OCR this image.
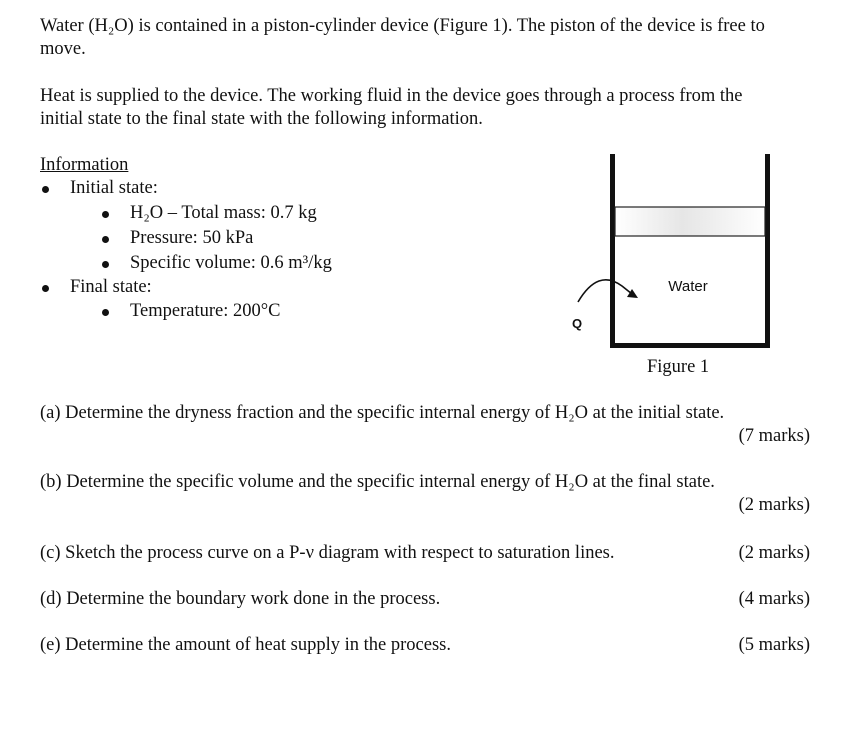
Water (H₂O) is contained in a piston-cylinder device (Figure 1). The piston of the device is free to
move.
Heat is supplied to the device. The working fluid in the device goes through a process from the
initial state to the final state with the following information.
Information
Initial state:
H₂O – Total mass: 0.7 kg
Pressure: 50 kPa
Specific volume: 0.6 m³/kg
Final state:
Temperature: 200°C
Water
Q
Figure 1
(a) Determine the dryness fraction and the specific internal energy of H₂O at the initial state.
(7 marks)
(b) Determine the specific volume and the specific internal energy of H₂O at the final state.
(2 marks)
(c) Sketch the process curve on a P-ν diagram with respect to saturation lines.	(2 marks)
(d) Determine the boundary work done in the process.	(4 marks)
(e) Determine the amount of heat supply in the process.	(5 marks)
